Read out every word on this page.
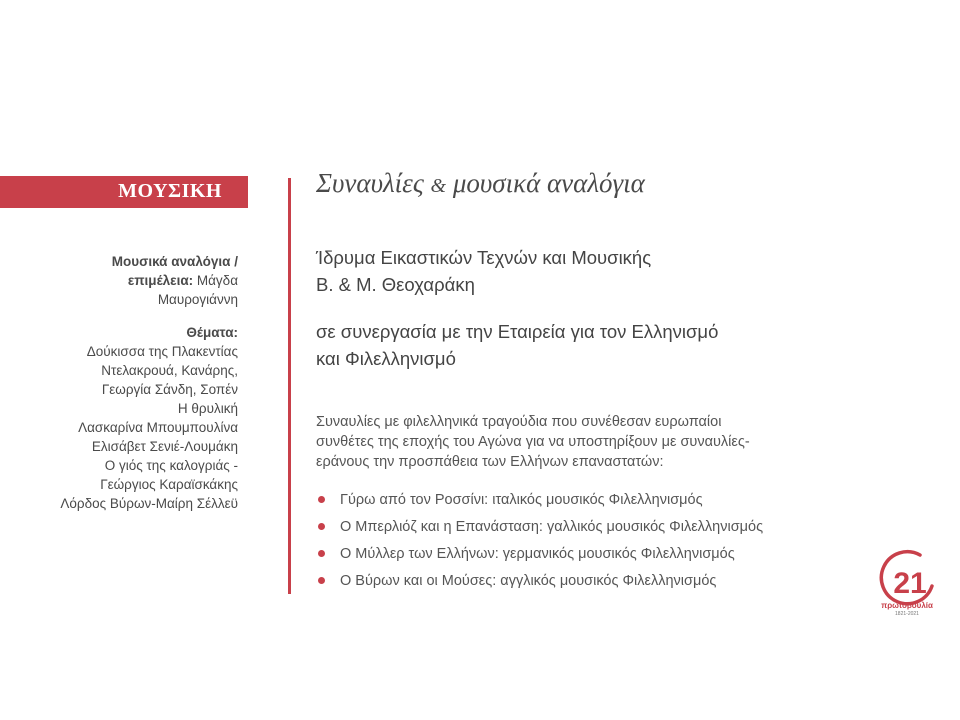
ΜΟΥΣΙΚΗ
Μουσικά αναλόγια /
επιμέλεια: Μάγδα
Μαυρογιάννη
Θέματα:
Δούκισσα της Πλακεντίας
Ντελακρουά, Κανάρης,
Γεωργία Σάνδη, Σοπέν
Η θρυλική
Λασκαρίνα Μπουμπουλίνα
Ελισάβετ Σενιέ-Λουμάκη
Ο γιός της καλογριάς -
Γεώργιος Καραϊσκάκης
Λόρδος Βύρων-Μαίρη Σέλλεϋ
Συναυλίες & μουσικά αναλόγια
Ίδρυμα Εικαστικών Τεχνών και Μουσικής
Β. & Μ. Θεοχαράκη
σε συνεργασία με την Εταιρεία για τον Ελληνισμό
και Φιλελληνισμό
Συναυλίες με φιλελληνικά τραγούδια που συνέθεσαν ευρωπαίοι
συνθέτες της εποχής του Αγώνα για να υποστηρίξουν με συναυλίες-
εράνους την προσπάθεια των Ελλήνων επαναστατών:
Γύρω από τον Ροσσίνι: ιταλικός μουσικός Φιλελληνισμός
Ο Μπερλιόζ και η Επανάσταση: γαλλικός μουσικός Φιλελληνισμός
Ο Μύλλερ των Ελλήνων: γερμανικός μουσικός Φιλελληνισμός
Ο Βύρων και οι Μούσες: αγγλικός μουσικός Φιλελληνισμός	21
πρωτοβουλία
1821-2021
